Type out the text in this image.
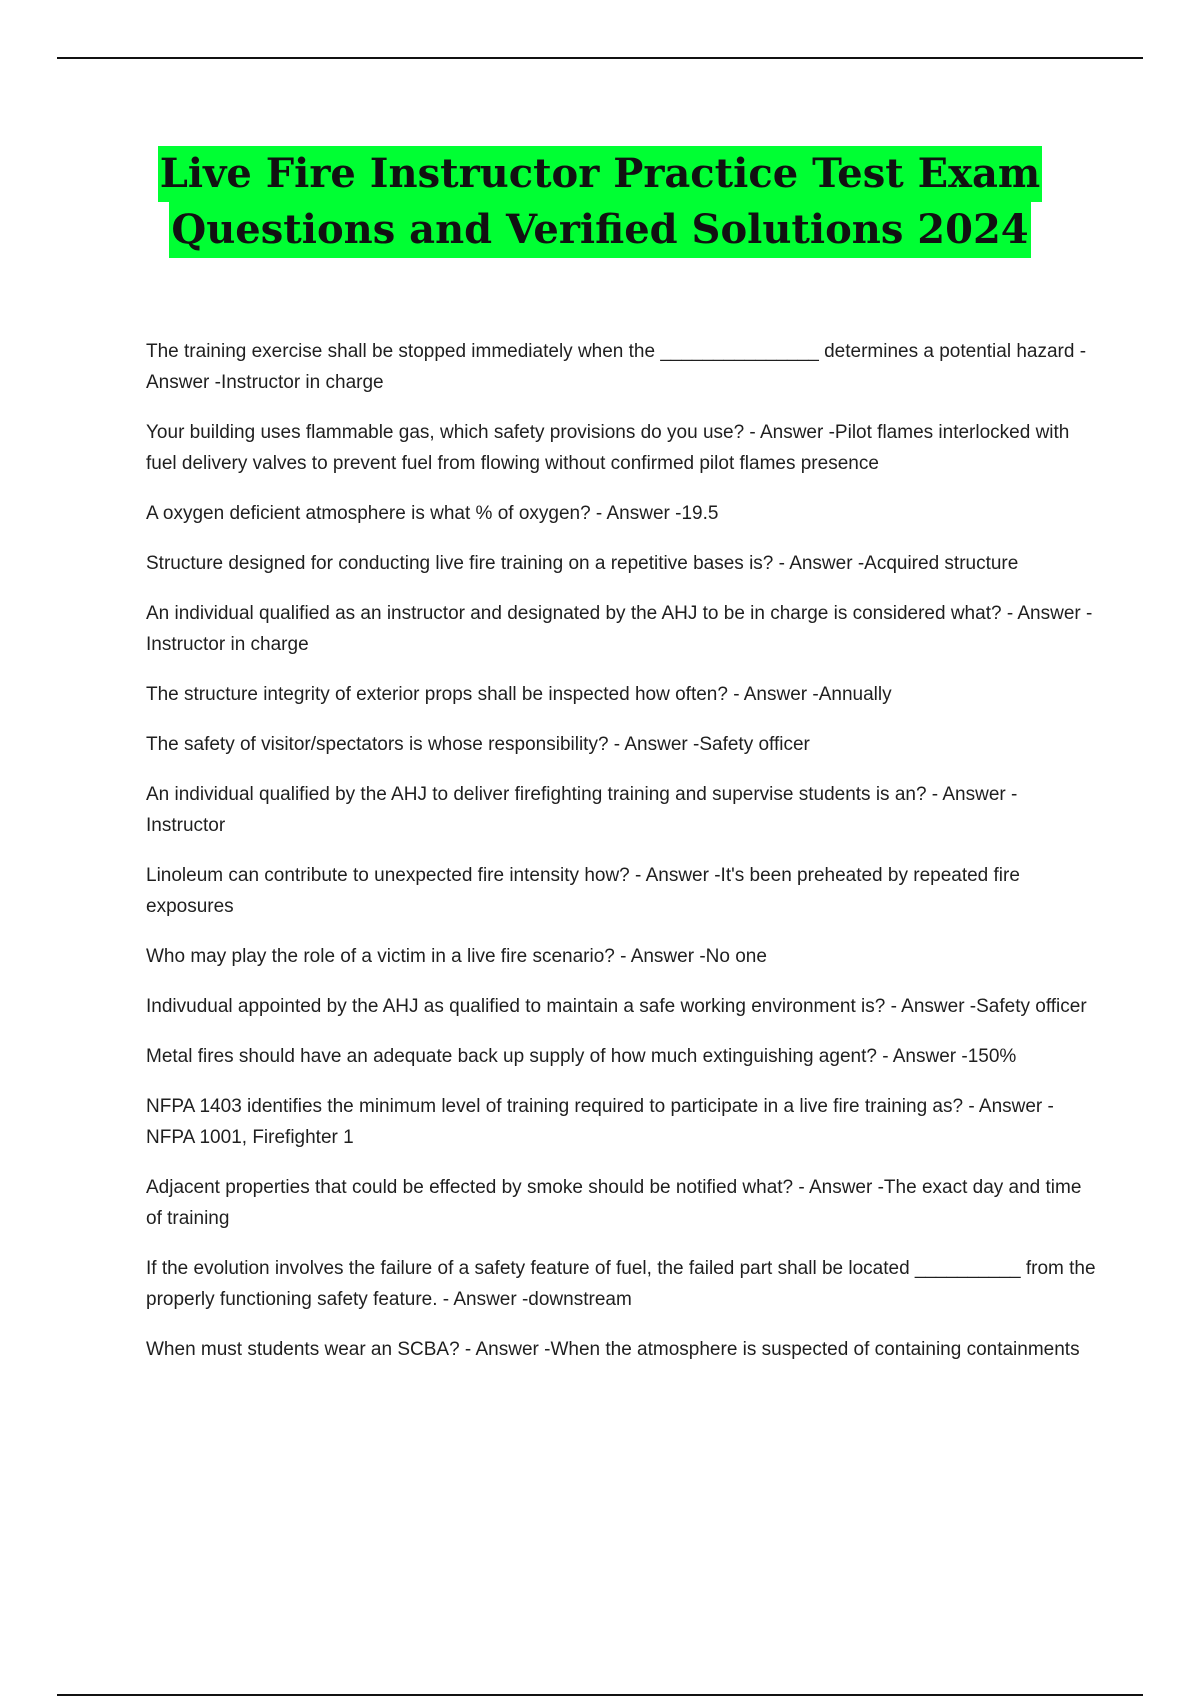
Live Fire Instructor Practice Test Exam
Questions and Verified Solutions 2024

The training exercise shall be stopped immediately when the _______________ determines a potential hazard - Answer -Instructor in charge

Your building uses flammable gas, which safety provisions do you use? - Answer -Pilot flames interlocked with fuel delivery valves to prevent fuel from flowing without confirmed pilot flames presence

A oxygen deficient atmosphere is what % of oxygen? - Answer -19.5

Structure designed for conducting live fire training on a repetitive bases is? - Answer -Acquired structure

An individual qualified as an instructor and designated by the AHJ to be in charge is considered what? - Answer -Instructor in charge

The structure integrity of exterior props shall be inspected how often? - Answer -Annually

The safety of visitor/spectators is whose responsibility? - Answer -Safety officer

An individual qualified by the AHJ to deliver firefighting training and supervise students is an? - Answer -Instructor

Linoleum can contribute to unexpected fire intensity how? - Answer -It's been preheated by repeated fire exposures

Who may play the role of a victim in a live fire scenario? - Answer -No one

Indivudual appointed by the AHJ as qualified to maintain a safe working environment is? - Answer -Safety officer

Metal fires should have an adequate back up supply of how much extinguishing agent? - Answer -150%

NFPA 1403 identifies the minimum level of training required to participate in a live fire training as? - Answer -NFPA 1001, Firefighter 1

Adjacent properties that could be effected by smoke should be notified what? - Answer -The exact day and time of training

If the evolution involves the failure of a safety feature of fuel, the failed part shall be located __________ from the properly functioning safety feature. - Answer -downstream

When must students wear an SCBA? - Answer -When the atmosphere is suspected of containing containments
